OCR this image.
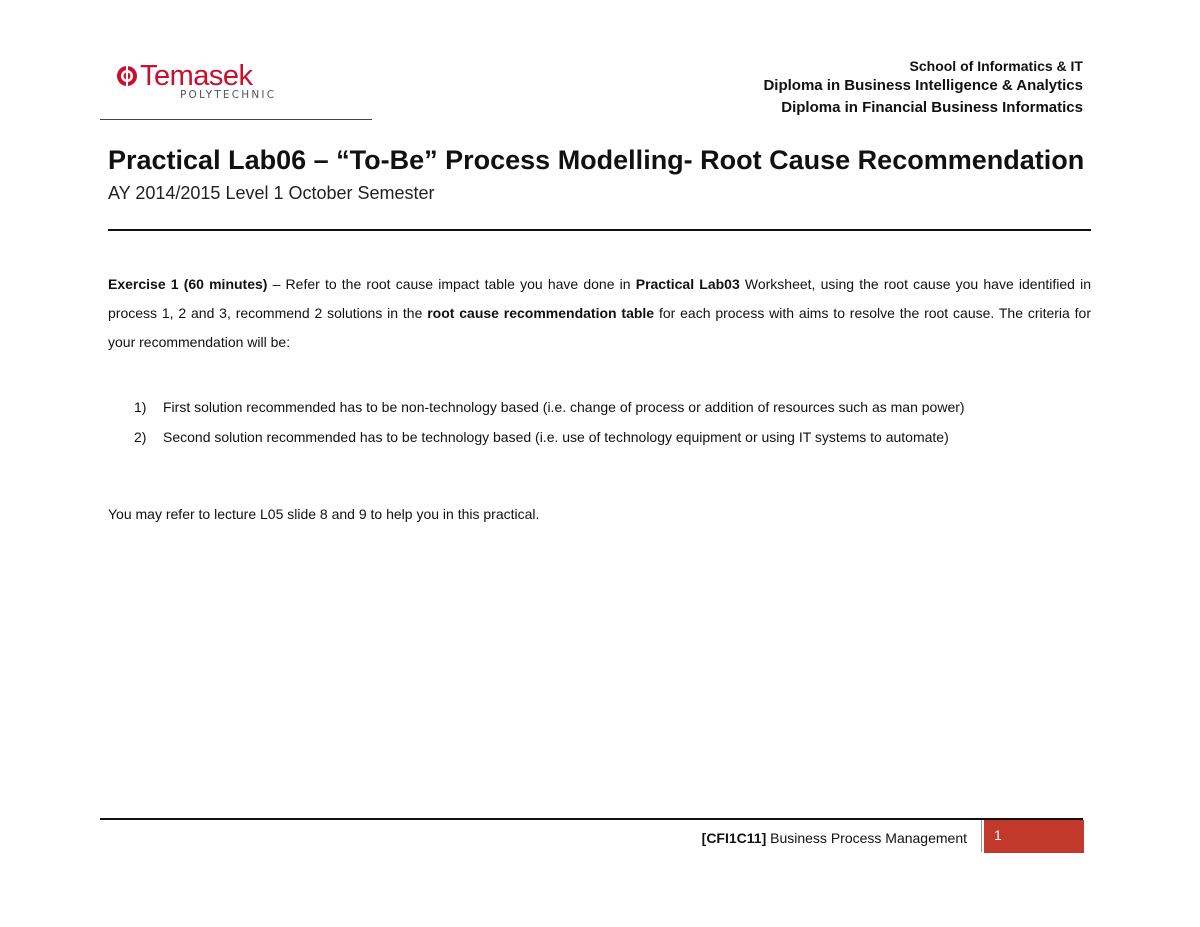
Temasek
POLYTECHNIC
School of Informatics & IT
Diploma in Business Intelligence & Analytics
Diploma in Financial Business Informatics
Practical Lab06 – “To-Be” Process Modelling- Root Cause Recommendation
AY 2014/2015 Level 1 October Semester
Exercise 1 (60 minutes) – Refer to the root cause impact table you have done in Practical Lab03 Worksheet, using the root cause you have identified in process 1, 2 and 3, recommend 2 solutions in the root cause recommendation table for each process with aims to resolve the root cause. The criteria for your recommendation will be:
1) First solution recommended has to be non-technology based (i.e. change of process or addition of resources such as man power)
2) Second solution recommended has to be technology based (i.e. use of technology equipment or using IT systems to automate)
You may refer to lecture L05 slide 8 and 9 to help you in this practical.
[CFI1C11] Business Process Management 1
